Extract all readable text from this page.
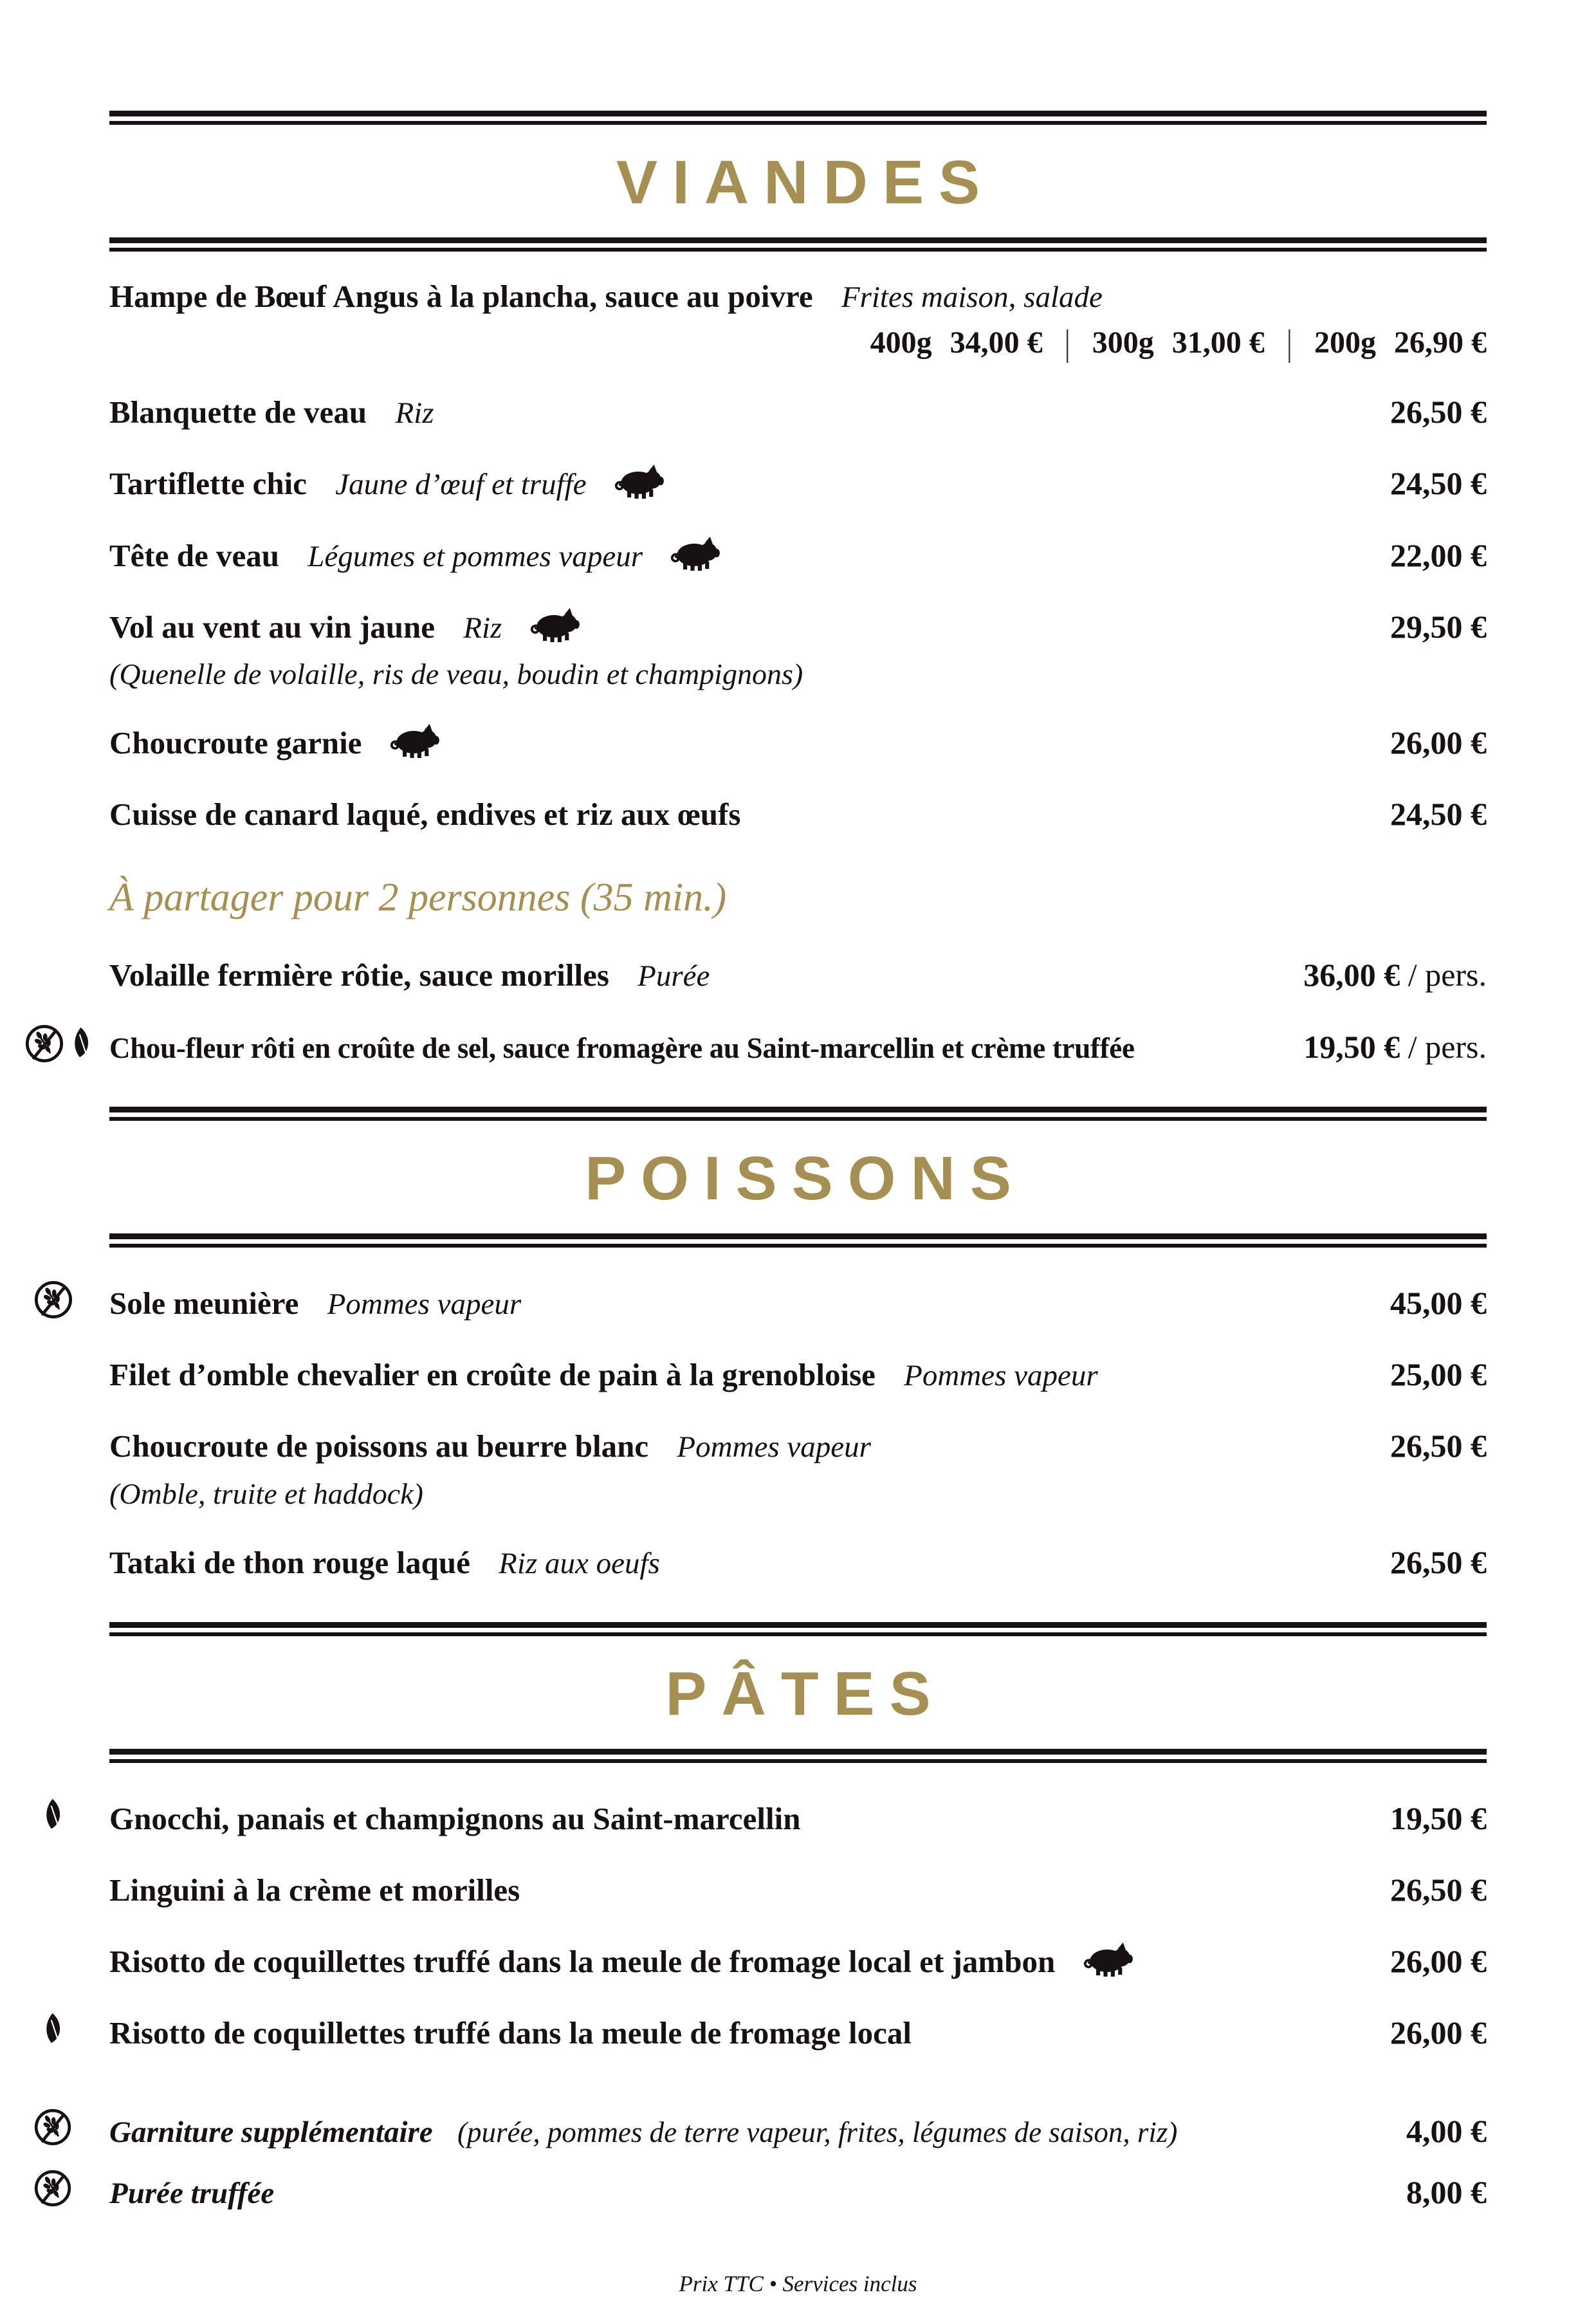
VIANDES
Hampe de Bœuf Angus à la plancha, sauce au poivre Frites maison, salade
400g 34,00 € | 300g 31,00 € | 200g 26,90 €
Blanquette de veau Riz	26,50 €
Tartiflette chic Jaune d’œuf et truffe	24,50 €
Tête de veau Légumes et pommes vapeur	22,00 €
Vol au vent au vin jaune Riz	29,50 €
(Quenelle de volaille, ris de veau, boudin et champignons)
Choucroute garnie	26,00 €
Cuisse de canard laqué, endives et riz aux œufs	24,50 €
À partager pour 2 personnes (35 min.)
Volaille fermière rôtie, sauce morilles Purée	36,00 € / pers.
Chou-fleur rôti en croûte de sel, sauce fromagère au Saint-marcellin et crème truffée	19,50 € / pers.
POISSONS
Sole meunière Pommes vapeur	45,00 €
Filet d’omble chevalier en croûte de pain à la grenobloise Pommes vapeur	25,00 €
Choucroute de poissons au beurre blanc Pommes vapeur	26,50 €
(Omble, truite et haddock)
Tataki de thon rouge laqué Riz aux oeufs	26,50 €
PÂTES
Gnocchi, panais et champignons au Saint-marcellin	19,50 €
Linguini à la crème et morilles	26,50 €
Risotto de coquillettes truffé dans la meule de fromage local et jambon	26,00 €
Risotto de coquillettes truffé dans la meule de fromage local	26,00 €
Garniture supplémentaire (purée, pommes de terre vapeur, frites, légumes de saison, riz)	4,00 €
Purée truffée	8,00 €
Prix TTC • Services inclus
